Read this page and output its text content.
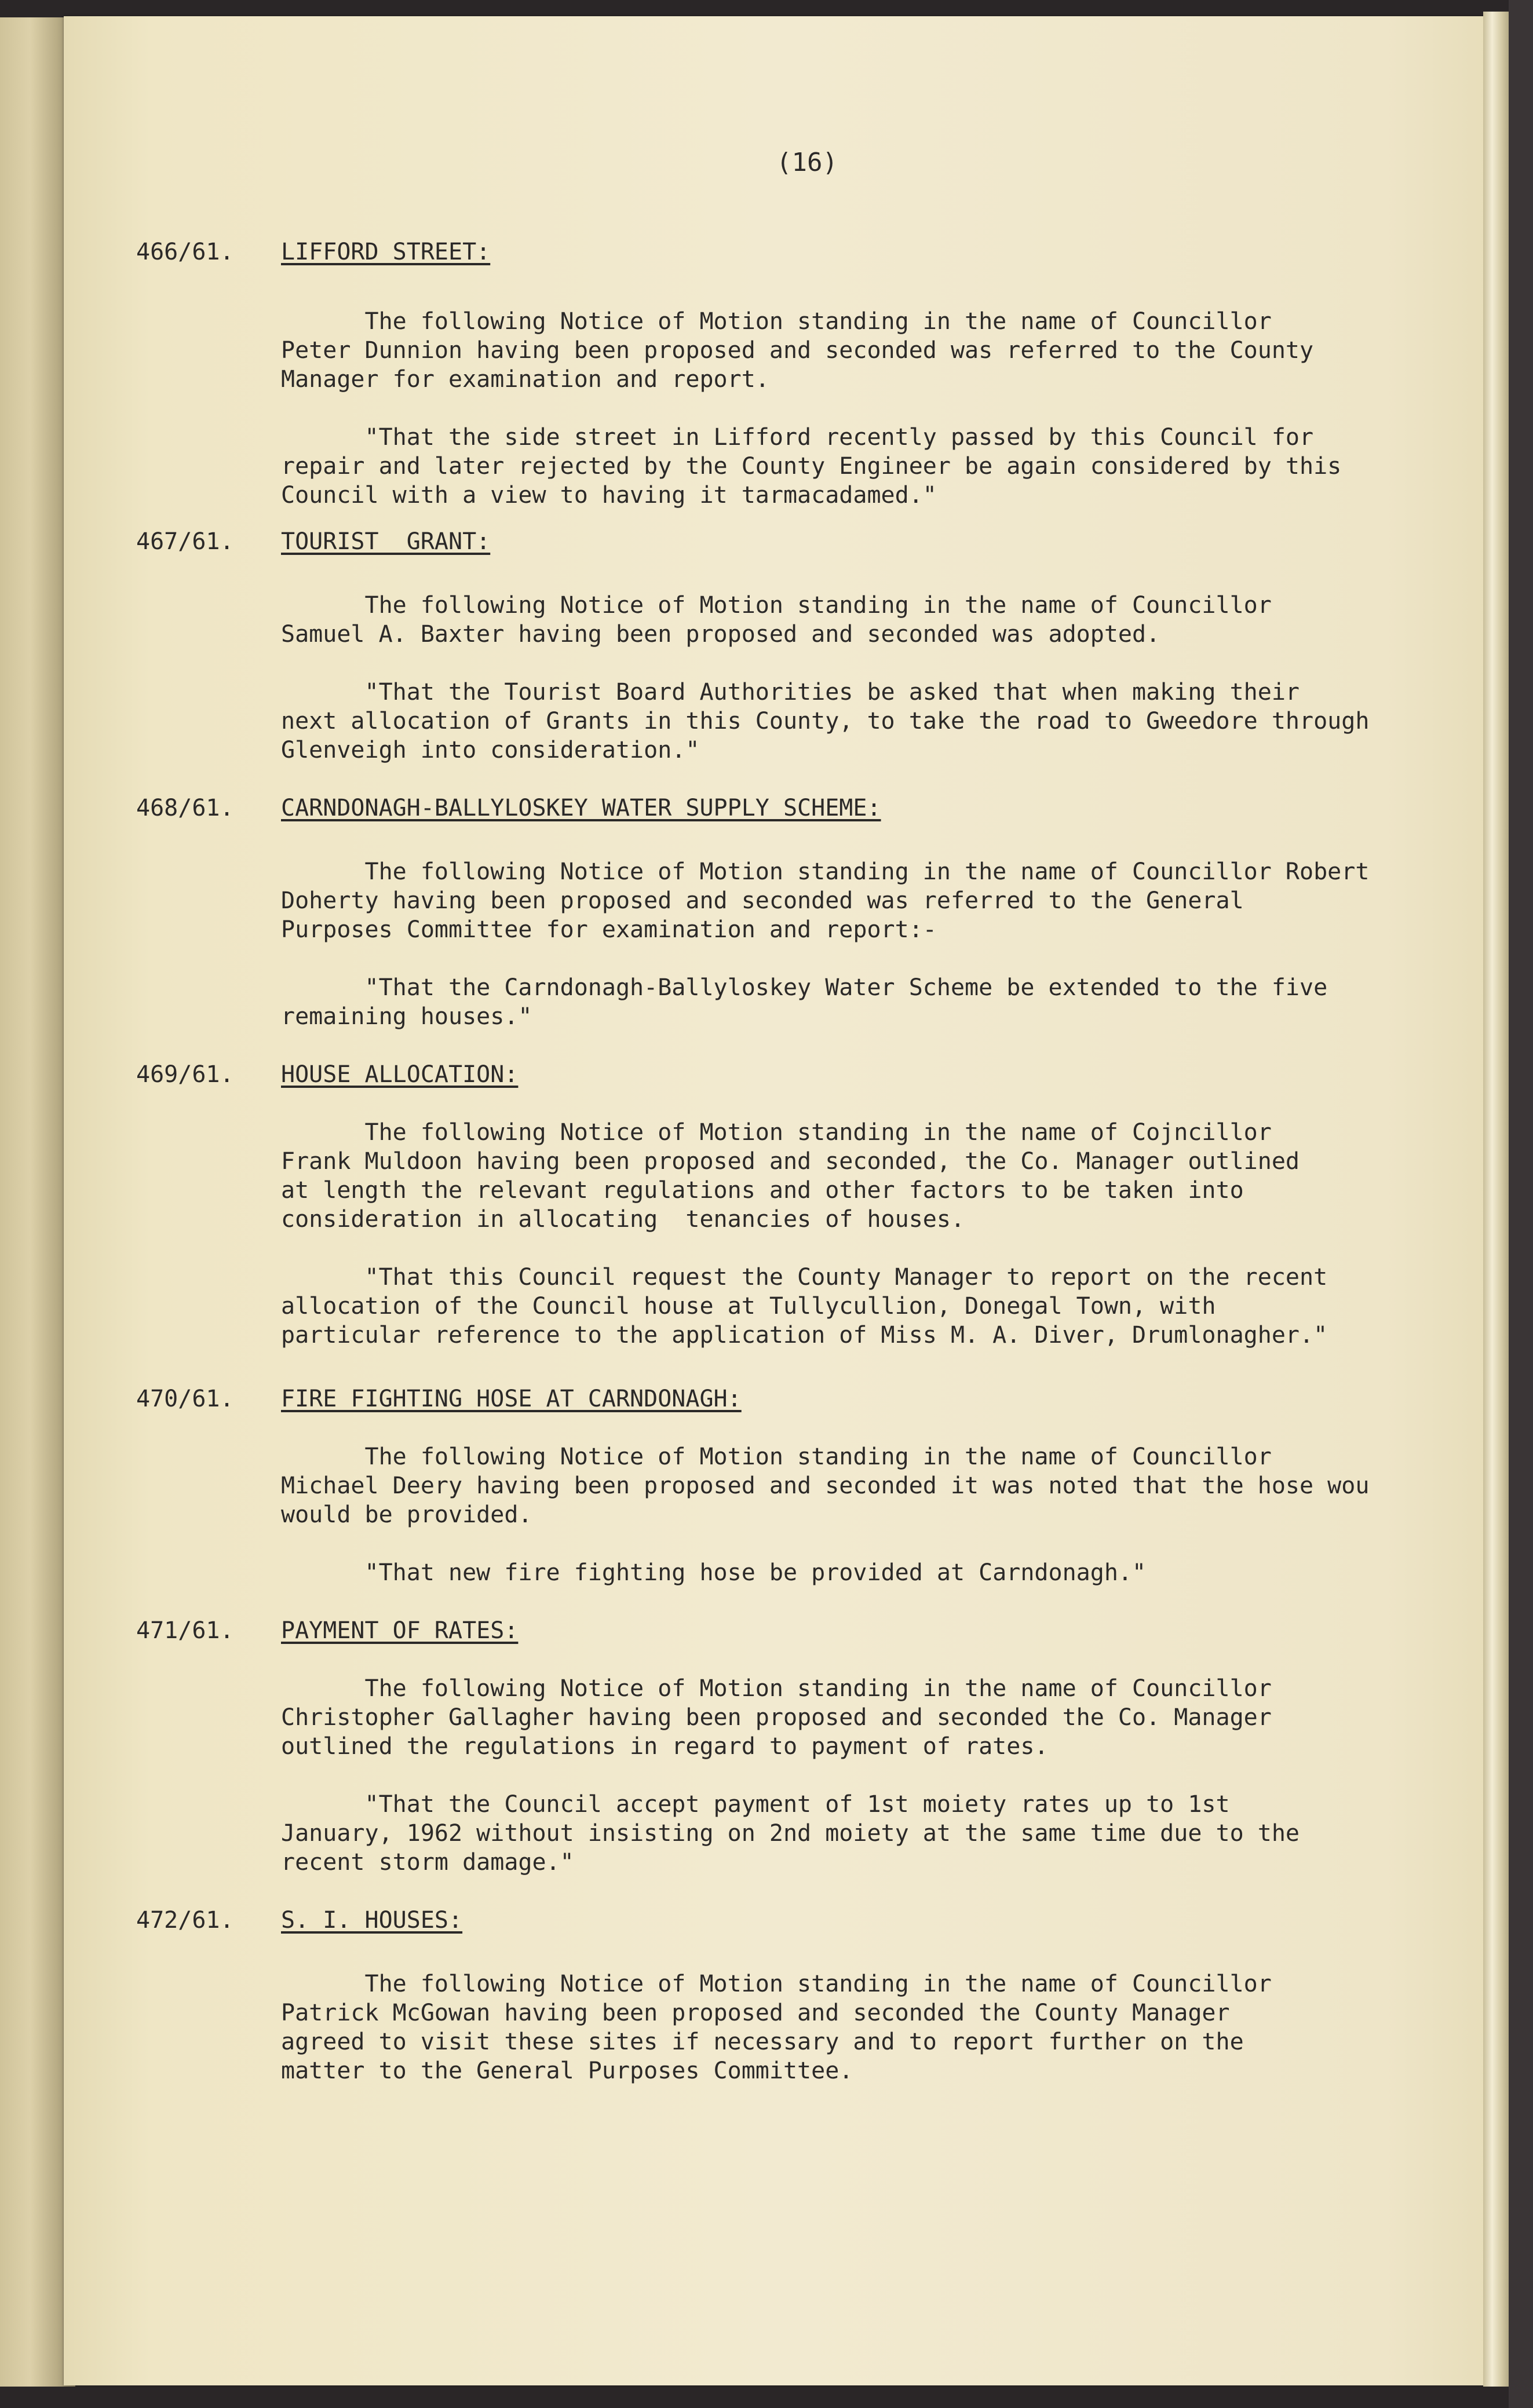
(16)
466/61. LIFFORD STREET:
The following Notice of Motion standing in the name of Councillor
Peter Dunnion having been proposed and seconded was referred to the County
Manager for examination and report.
"That the side street in Lifford recently passed by this Council for
repair and later rejected by the County Engineer be again considered by this
Council with a view to having it tarmacadamed."
467/61. TOURIST  GRANT:
The following Notice of Motion standing in the name of Councillor
Samuel A. Baxter having been proposed and seconded was adopted.
"That the Tourist Board Authorities be asked that when making their
next allocation of Grants in this County, to take the road to Gweedore through
Glenveigh into consideration."
468/61. CARNDONAGH-BALLYLOSKEY WATER SUPPLY SCHEME:
The following Notice of Motion standing in the name of Councillor Robert
Doherty having been proposed and seconded was referred to the General
Purposes Committee for examination and report:-
"That the Carndonagh-Ballyloskey Water Scheme be extended to the five
remaining houses."
469/61. HOUSE ALLOCATION:
The following Notice of Motion standing in the name of Cojncillor
Frank Muldoon having been proposed and seconded, the Co. Manager outlined
at length the relevant regulations and other factors to be taken into
consideration in allocating  tenancies of houses.
"That this Council request the County Manager to report on the recent
allocation of the Council house at Tullycullion, Donegal Town, with
particular reference to the application of Miss M. A. Diver, Drumlonagher."
470/61. FIRE FIGHTING HOSE AT CARNDONAGH:
The following Notice of Motion standing in the name of Councillor
Michael Deery having been proposed and seconded it was noted that the hose wou
would be provided.
"That new fire fighting hose be provided at Carndonagh."
471/61. PAYMENT OF RATES:
The following Notice of Motion standing in the name of Councillor
Christopher Gallagher having been proposed and seconded the Co. Manager
outlined the regulations in regard to payment of rates.
"That the Council accept payment of 1st moiety rates up to 1st
January, 1962 without insisting on 2nd moiety at the same time due to the
recent storm damage."
472/61. S. I. HOUSES:
The following Notice of Motion standing in the name of Councillor
Patrick McGowan having been proposed and seconded the County Manager
agreed to visit these sites if necessary and to report further on the
matter to the General Purposes Committee.
